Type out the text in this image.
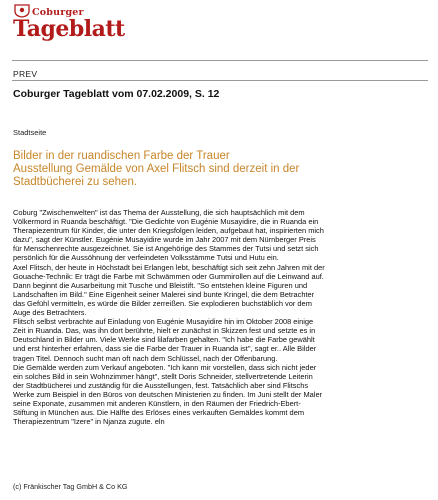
Coburger
Tageblatt
PREV
Coburger Tageblatt vom 07.02.2009, S. 12
Stadtseite
Bilder in der ruandischen Farbe der Trauer
Ausstellung Gemälde von Axel Flitsch sind derzeit in der
Stadtbücherei zu sehen.
Coburg "Zwischenwelten" ist das Thema der Ausstellung, die sich hauptsächlich mit dem
Völkermord in Ruanda beschäftigt. "Die Gedichte von Eugénie Musayidire, die in Ruanda ein
Therapiezentrum für Kinder, die unter den Kriegsfolgen leiden, aufgebaut hat, inspirierten mich
dazu", sagt der Künstler. Eugénie Musayidire wurde im Jahr 2007 mit dem Nürnberger Preis
für Menschenrechte ausgezeichnet. Sie ist Angehörige des Stammes der Tutsi und setzt sich
persönlich für die Aussöhnung der verfeindeten Volksstämme Tutsi und Hutu ein.
Axel Flitsch, der heute in Höchstadt bei Erlangen lebt, beschäftigt sich seit zehn Jahren mit der
Gouache-Technik: Er trägt die Farbe mit Schwämmen oder Gummirollen auf die Leinwand auf.
Dann beginnt die Ausarbeitung mit Tusche und Bleistift. "So entstehen kleine Figuren und
Landschaften im Bild." Eine Eigenheit seiner Malerei sind bunte Kringel, die dem Betrachter
das Gefühl vermitteln, es würde die Bilder zerreißen. Sie explodieren buchstäblich vor dem
Auge des Betrachters.
Flitsch selbst verbrachte auf Einladung von Eugénie Musayidire hin im Oktober 2008 einige
Zeit in Ruanda. Das, was ihn dort berührte, hielt er zunächst in Skizzen fest und setzte es in
Deutschland in Bilder um. Viele Werke sind lilafarben gehalten. "Ich habe die Farbe gewählt
und erst hinterher erfahren, dass sie die Farbe der Trauer in Ruanda ist", sagt er.. Alle Bilder
tragen Titel. Dennoch sucht man oft nach dem Schlüssel, nach der Offenbarung.
Die Gemälde werden zum Verkauf angeboten. "Ich kann mir vorstellen, dass sich nicht jeder
ein solches Bild in sein Wohnzimmer hängt", stellt Doris Schneider, stellvertretende Leiterin
der Stadtbücherei und zuständig für die Ausstellungen, fest. Tatsächlich aber sind Flitschs
Werke zum Beispiel in den Büros von deutschen Ministerien zu finden. Im Juni stellt der Maler
seine Exponate, zusammen mit anderen Künstlern, in den Räumen der Friedrich-Ebert-
Stiftung in München aus. Die Hälfte des Erlöses eines verkauften Gemäldes kommt dem
Therapiezentrum "Izere" in Njanza zugute. eln
(c) Fränkischer Tag GmbH & Co KG
